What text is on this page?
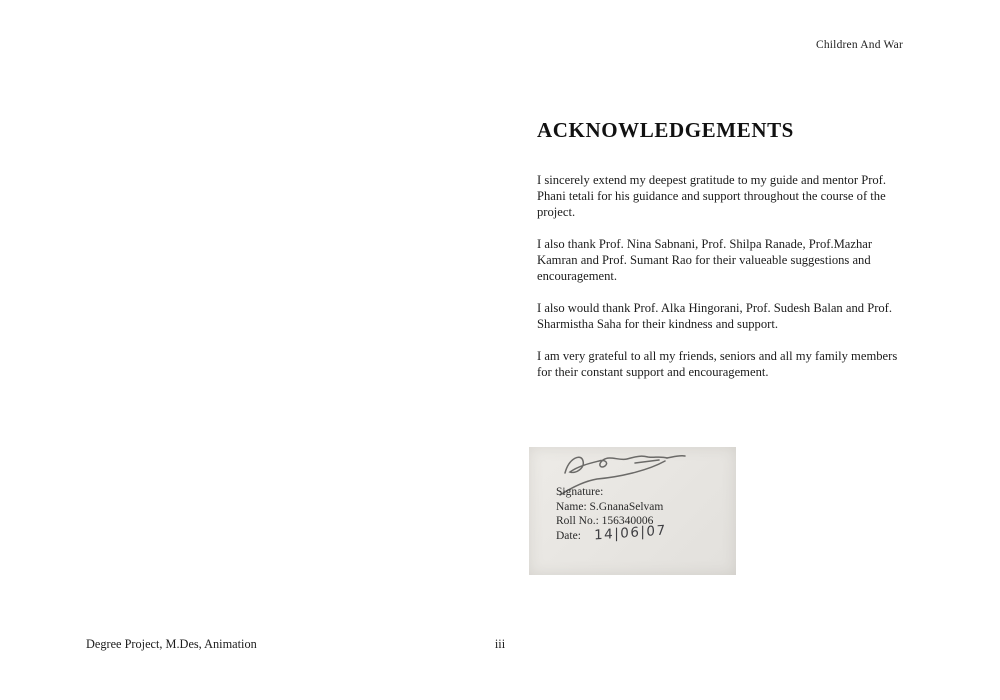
Children And War
ACKNOWLEDGEMENTS

I sincerely extend my deepest gratitude to my guide and mentor Prof. Phani tetali for his guidance and support throughout the course of the project.

I also thank Prof. Nina Sabnani, Prof. Shilpa Ranade, Prof.Mazhar Kamran and Prof. Sumant Rao for their valueable suggestions and encouragement.

I also would thank Prof. Alka Hingorani, Prof. Sudesh Balan and Prof. Sharmistha Saha for their kindness and support.

I am very grateful to all my friends, seniors and all my family members for their constant support and encouragement.

Signature:
Name: S.GnanaSelvam
Roll No.: 156340006
Date: 14|06|07
Degree Project, M.Des, Animation	iii
